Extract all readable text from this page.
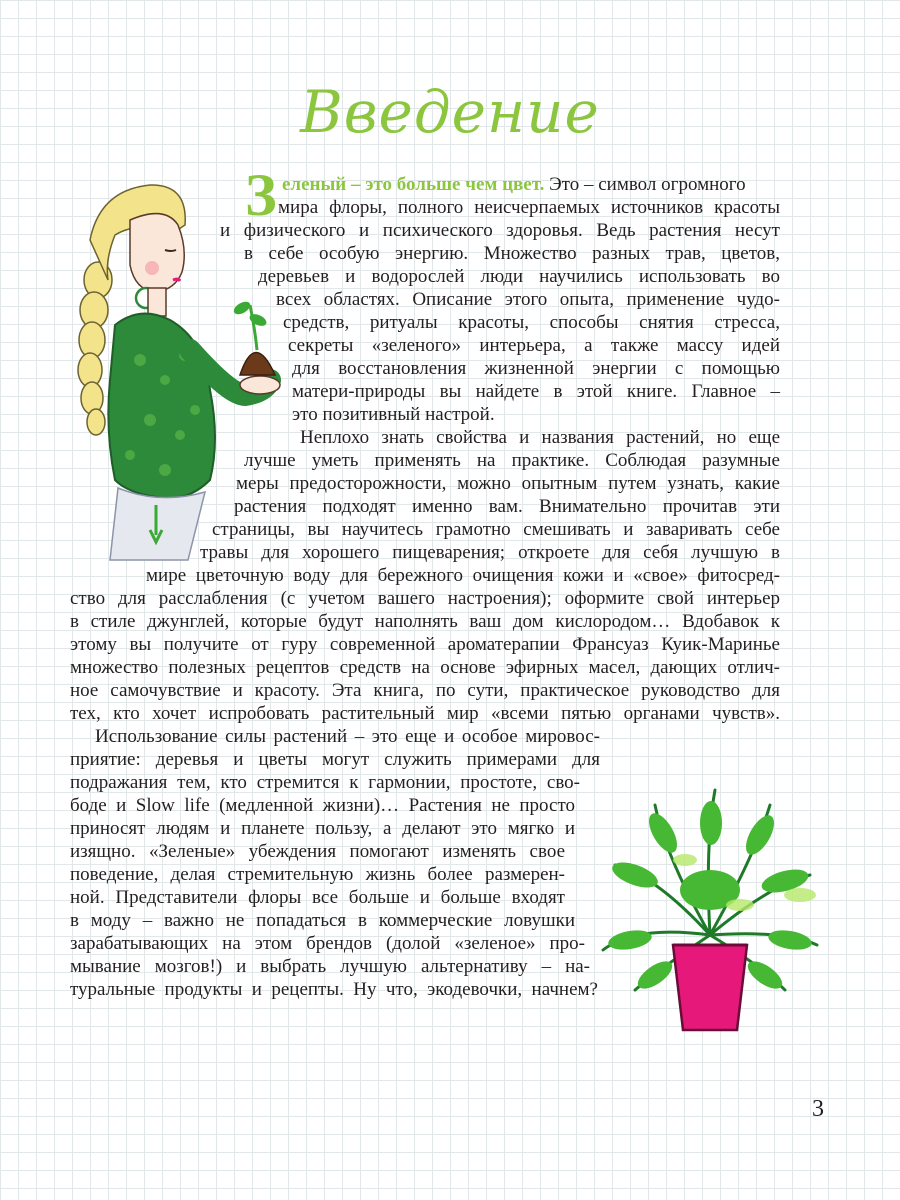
Введение
З еленый – это больше чем цвет. Это – символ огромного
мира флоры, полного неисчерпаемых источников красоты
и физического и психического здоровья. Ведь растения несут
в себе особую энергию. Множество разных трав, цветов,
деревьев и водорослей люди научились использовать во
всех областях. Описание этого опыта, применение чудо-
средств, ритуалы красоты, способы снятия стресса,
секреты «зеленого» интерьера, а также массу идей
для восстановления жизненной энергии с помощью
матери-природы вы найдете в этой книге. Главное –
это позитивный настрой.
Неплохо знать свойства и названия растений, но еще
лучше уметь применять на практике. Соблюдая разумные
меры предосторожности, можно опытным путем узнать, какие
растения подходят именно вам. Внимательно прочитав эти
страницы, вы научитесь грамотно смешивать и заваривать себе
травы для хорошего пищеварения; откроете для себя лучшую в
мире цветочную воду для бережного очищения кожи и «свое» фитосред-
ство для расслабления (с учетом вашего настроения); оформите свой интерьер
в стиле джунглей, которые будут наполнять ваш дом кислородом… Вдобавок к
этому вы получите от гуру современной ароматерапии Франсуаз Куик-Маринье
множество полезных рецептов средств на основе эфирных масел, дающих отлич-
ное самочувствие и красоту. Эта книга, по сути, практическое руководство для
тех, кто хочет испробовать растительный мир «всеми пятью органами чувств».
Использование силы растений – это еще и особое мировос-
приятие: деревья и цветы могут служить примерами для
подражания тем, кто стремится к гармонии, простоте, сво-
боде и Slow life (медленной жизни)… Растения не просто
приносят людям и планете пользу, а делают это мягко и
изящно. «Зеленые» убеждения помогают изменять свое
поведение, делая стремительную жизнь более размерен-
ной. Представители флоры все больше и больше входят
в моду – важно не попадаться в коммерческие ловушки
зарабатывающих на этом брендов (долой «зеленое» про-
мывание мозгов!) и выбрать лучшую альтернативу – на-
туральные продукты и рецепты. Ну что, экодевочки, начнем?
3
